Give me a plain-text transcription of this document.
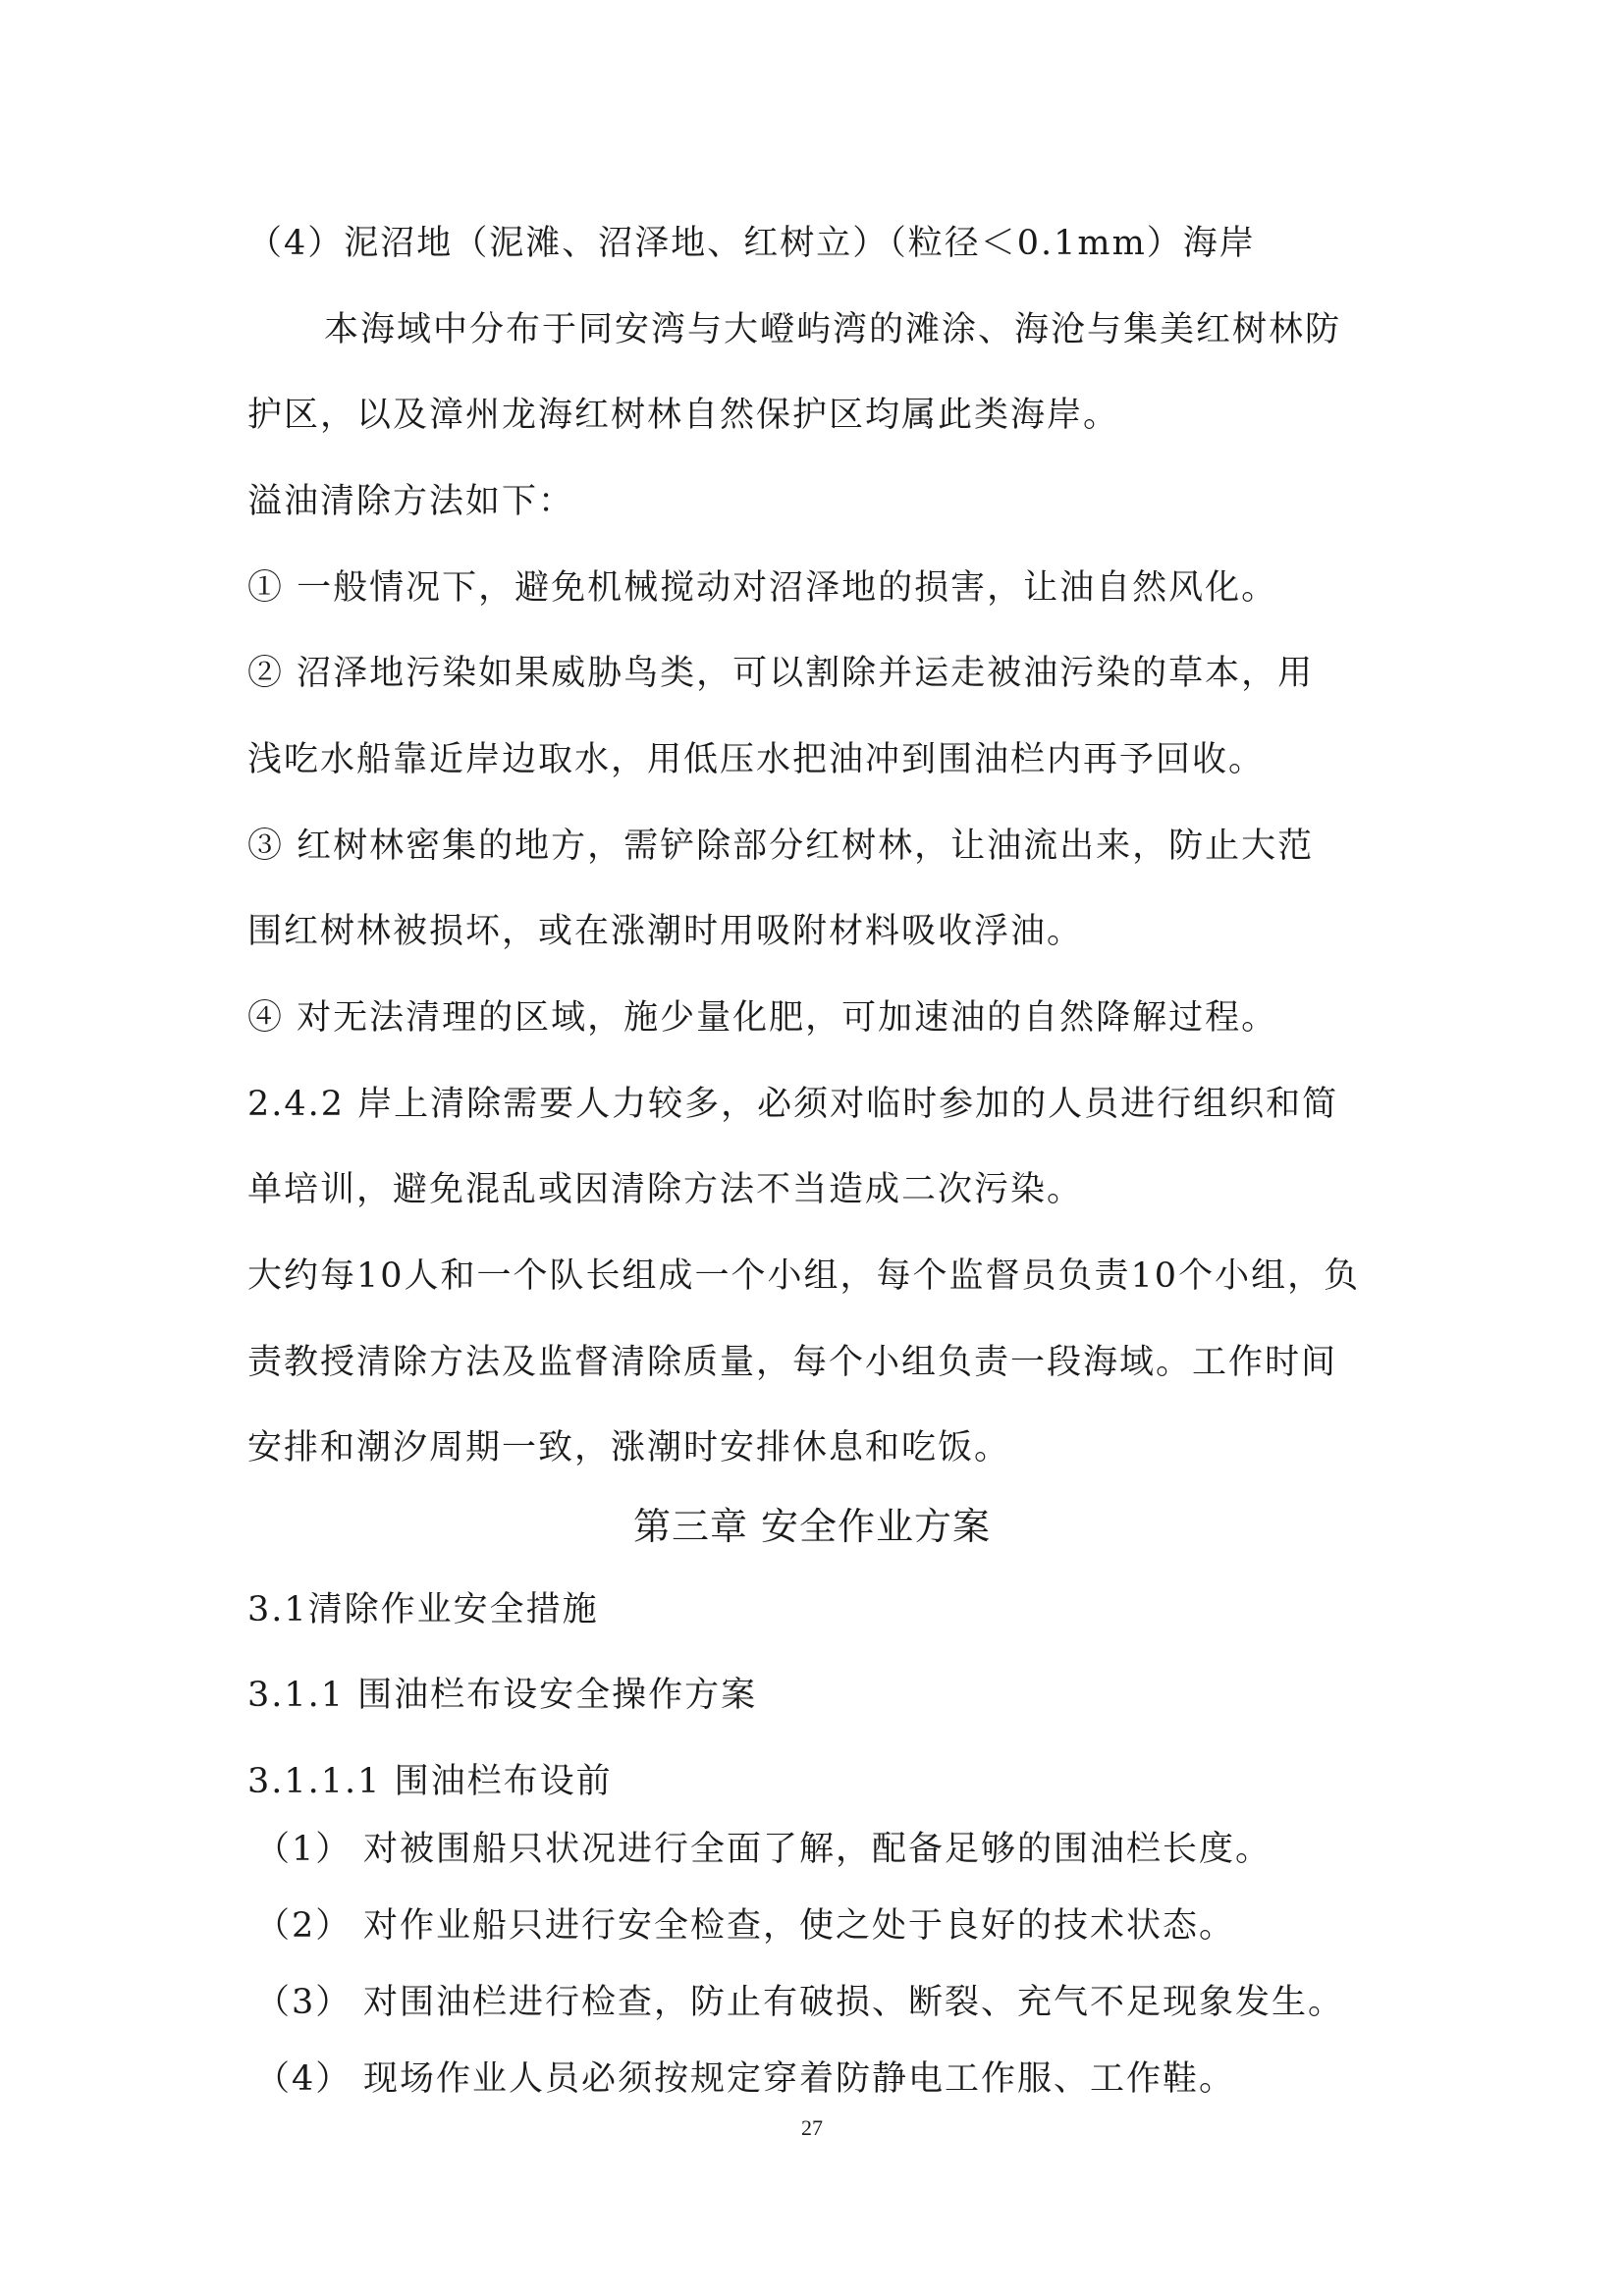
（4）泥沼地（泥滩、沼泽地、红树立）（粒径＜0.1mm）海岸
本海域中分布于同安湾与大嶝屿湾的滩涂、海沧与集美红树林防
护区，以及漳州龙海红树林自然保护区均属此类海岸。
溢油清除方法如下：
① 一般情况下，避免机械搅动对沼泽地的损害，让油自然风化。
② 沼泽地污染如果威胁鸟类，可以割除并运走被油污染的草本，用
浅吃水船靠近岸边取水，用低压水把油冲到围油栏内再予回收。
③ 红树林密集的地方，需铲除部分红树林，让油流出来，防止大范
围红树林被损坏，或在涨潮时用吸附材料吸收浮油。
④ 对无法清理的区域，施少量化肥，可加速油的自然降解过程。
2.4.2 岸上清除需要人力较多，必须对临时参加的人员进行组织和简
单培训，避免混乱或因清除方法不当造成二次污染。
大约每10人和一个队长组成一个小组，每个监督员负责10个小组，负
责教授清除方法及监督清除质量，每个小组负责一段海域。工作时间
安排和潮汐周期一致，涨潮时安排休息和吃饭。
第三章 安全作业方案
3.1清除作业安全措施
3.1.1 围油栏布设安全操作方案
3.1.1.1 围油栏布设前
（1） 对被围船只状况进行全面了解，配备足够的围油栏长度。
（2） 对作业船只进行安全检查，使之处于良好的技术状态。
（3） 对围油栏进行检查，防止有破损、断裂、充气不足现象发生。
（4） 现场作业人员必须按规定穿着防静电工作服、工作鞋。
27
